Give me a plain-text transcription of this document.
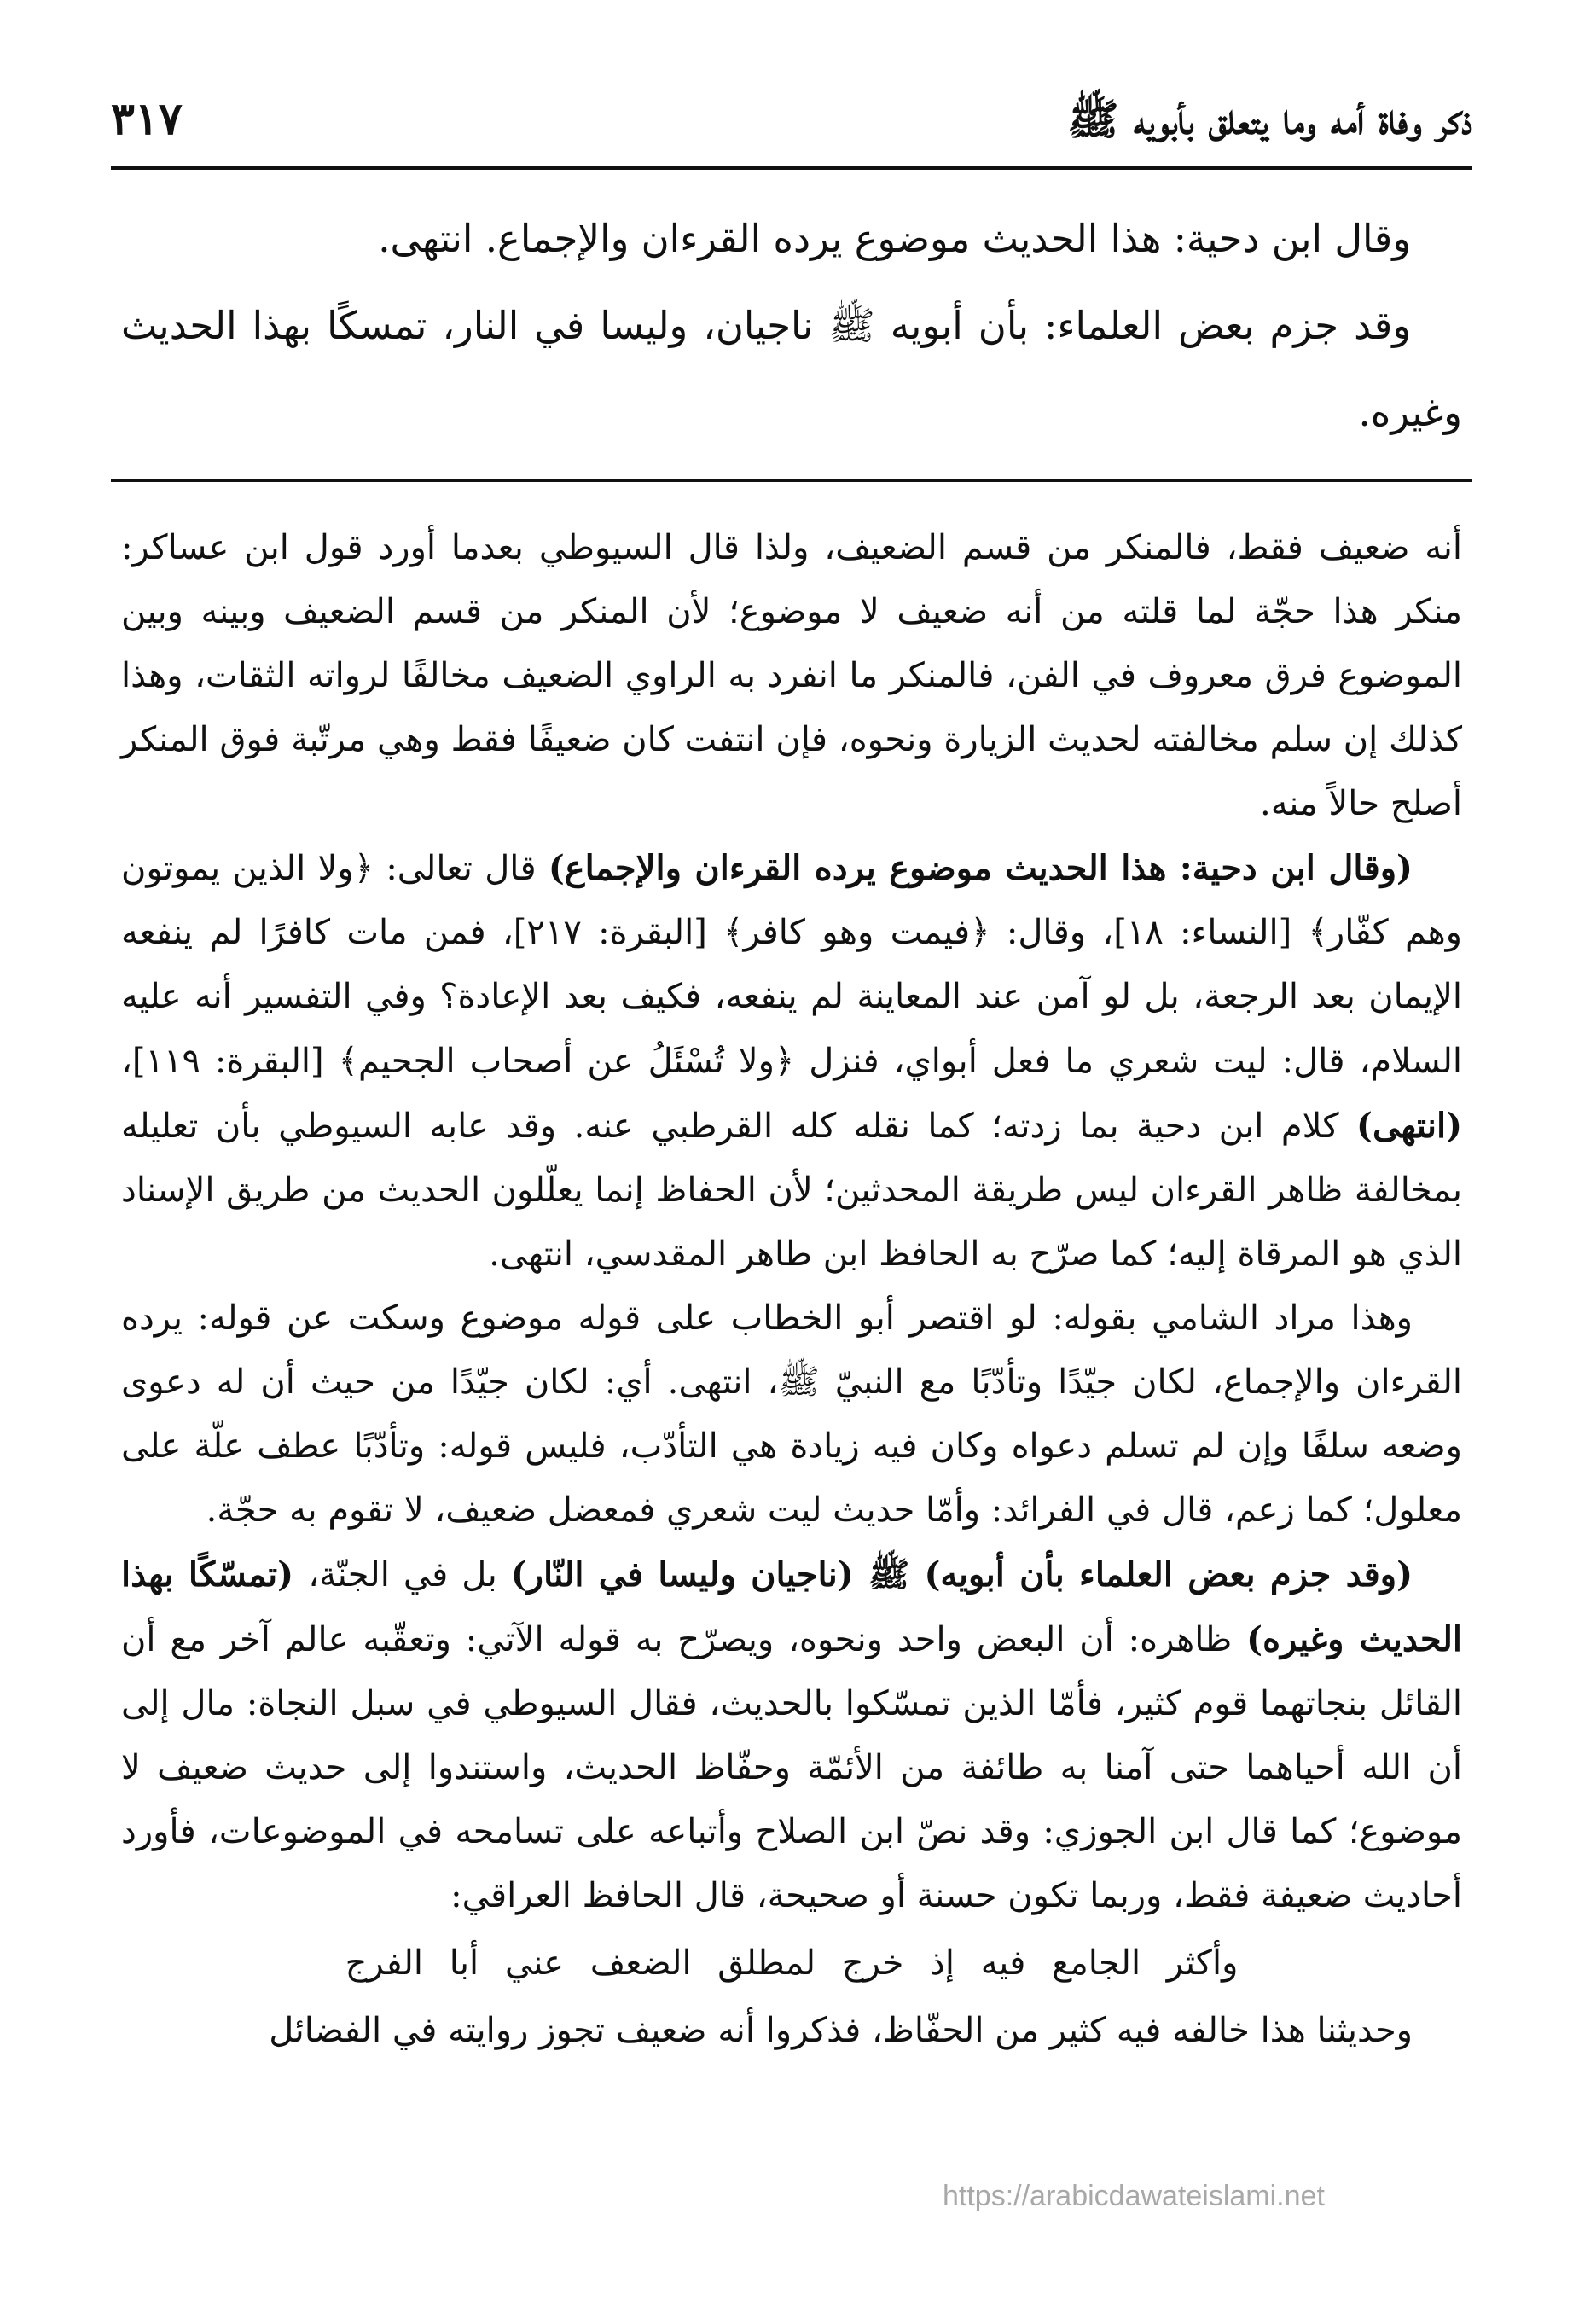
ذكر وفاة أمه وما يتعلق بأبويه ﷺ
٣١٧

وقال ابن دحية: هذا الحديث موضوع يرده القرءان والإجماع. انتهى.

وقد جزم بعض العلماء: بأن أبويه ﷺ ناجيان، وليسا في النار، تمسكًا بهذا الحديث وغيره.

أنه ضعيف فقط، فالمنكر من قسم الضعيف، ولذا قال السيوطي بعدما أورد قول ابن عساكر: منكر هذا حجّة لما قلته من أنه ضعيف لا موضوع؛ لأن المنكر من قسم الضعيف وبينه وبين الموضوع فرق معروف في الفن، فالمنكر ما انفرد به الراوي الضعيف مخالفًا لرواته الثقات، وهذا كذلك إن سلم مخالفته لحديث الزيارة ونحوه، فإن انتفت كان ضعيفًا فقط وهي مرتّبة فوق المنكر أصلح حالاً منه.

(وقال ابن دحية: هذا الحديث موضوع يرده القرءان والإجماع) قال تعالى: ﴿ولا الذين يموتون وهم كفّار﴾ [النساء: ١٨]، وقال: ﴿فيمت وهو كافر﴾ [البقرة: ٢١٧]، فمن مات كافرًا لم ينفعه الإيمان بعد الرجعة، بل لو آمن عند المعاينة لم ينفعه، فكيف بعد الإعادة؟ وفي التفسير أنه عليه السلام، قال: ليت شعري ما فعل أبواي، فنزل ﴿ولا تُسْئَلُ عن أصحاب الجحيم﴾ [البقرة: ١١٩]، (انتهى) كلام ابن دحية بما زدته؛ كما نقله كله القرطبي عنه. وقد عابه السيوطي بأن تعليله بمخالفة ظاهر القرءان ليس طريقة المحدثين؛ لأن الحفاظ إنما يعلّلون الحديث من طريق الإسناد الذي هو المرقاة إليه؛ كما صرّح به الحافظ ابن طاهر المقدسي، انتهى.

وهذا مراد الشامي بقوله: لو اقتصر أبو الخطاب على قوله موضوع وسكت عن قوله: يرده القرءان والإجماع، لكان جيّدًا وتأدّبًا مع النبيّ ﷺ، انتهى. أي: لكان جيّدًا من حيث أن له دعوى وضعه سلفًا وإن لم تسلم دعواه وكان فيه زيادة هي التأدّب، فليس قوله: وتأدّبًا عطف علّة على معلول؛ كما زعم، قال في الفرائد: وأمّا حديث ليت شعري فمعضل ضعيف، لا تقوم به حجّة.

(وقد جزم بعض العلماء بأن أبويه) ﷺ (ناجيان وليسا في النّار) بل في الجنّة، (تمسّكًا بهذا الحديث وغيره) ظاهره: أن البعض واحد ونحوه، ويصرّح به قوله الآتي: وتعقّبه عالم آخر مع أن القائل بنجاتهما قوم كثير، فأمّا الذين تمسّكوا بالحديث، فقال السيوطي في سبل النجاة: مال إلى أن الله أحياهما حتى آمنا به طائفة من الأئمّة وحفّاظ الحديث، واستندوا إلى حديث ضعيف لا موضوع؛ كما قال ابن الجوزي: وقد نصّ ابن الصلاح وأتباعه على تسامحه في الموضوعات، فأورد أحاديث ضعيفة فقط، وربما تكون حسنة أو صحيحة، قال الحافظ العراقي:

وأكثر الجامع فيه إذ خرج لمطلق الضعف عني أبا الفرج

وحديثنا هذا خالفه فيه كثير من الحفّاظ، فذكروا أنه ضعيف تجوز روايته في الفضائل

https://arabicdawateislami.net
